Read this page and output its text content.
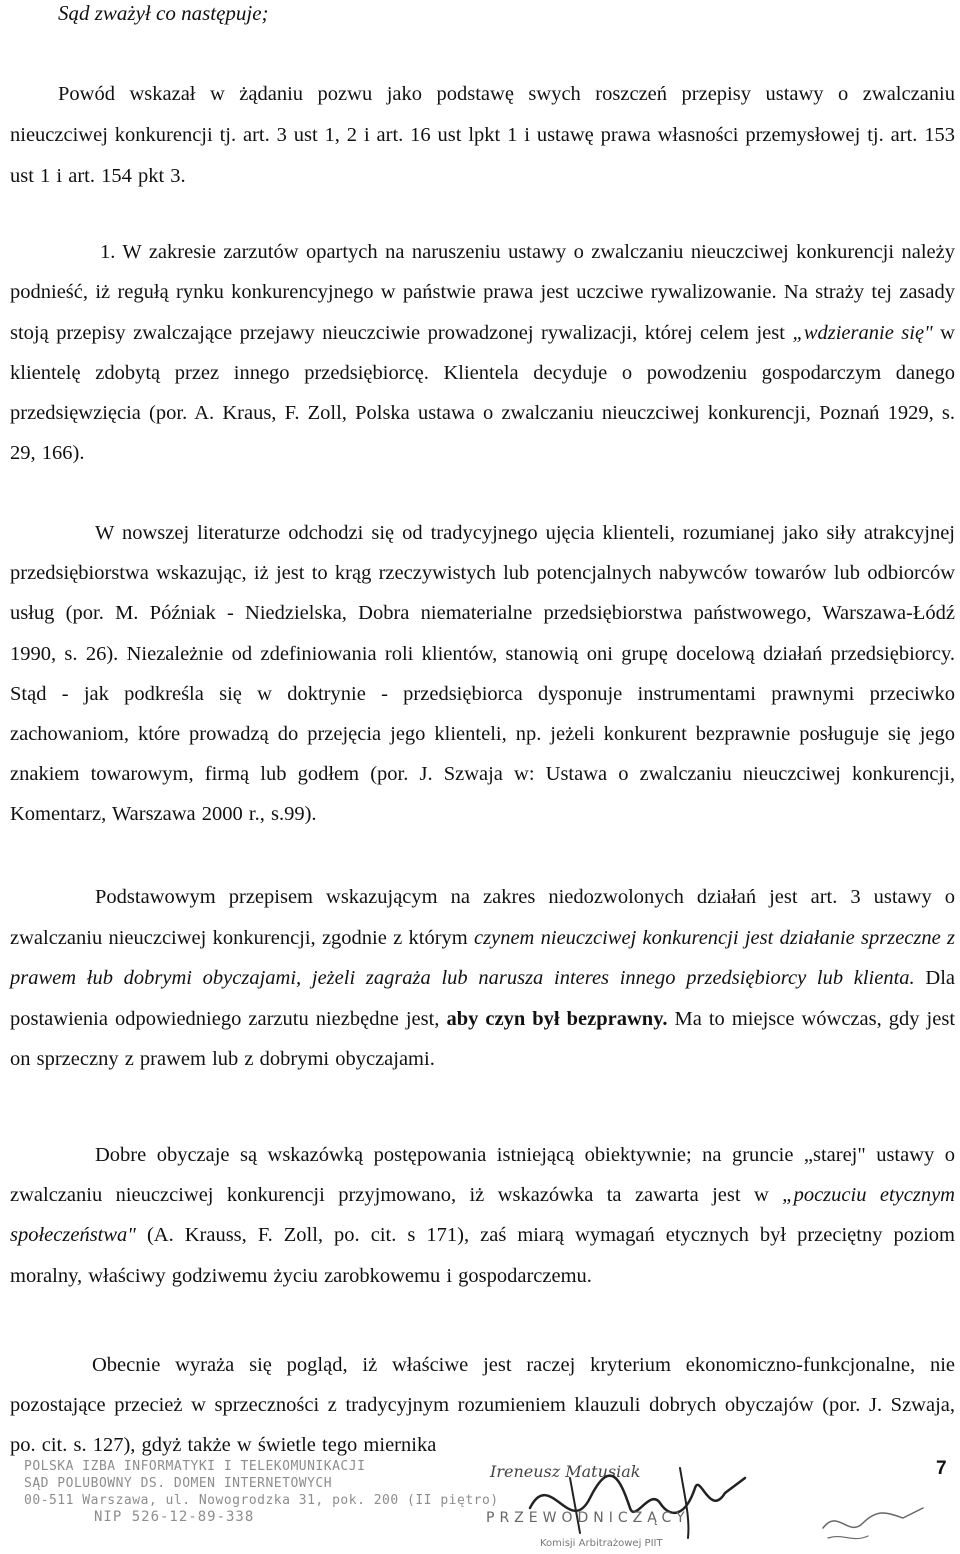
Sąd zważył co następuje;

Powód wskazał w żądaniu pozwu jako podstawę swych roszczeń przepisy ustawy o zwalczaniu nieuczciwej konkurencji tj. art. 3 ust 1, 2 i art. 16 ust lpkt 1 i ustawę prawa własności przemysłowej tj. art. 153 ust 1 i art. 154 pkt 3.

1. W zakresie zarzutów opartych na naruszeniu ustawy o zwalczaniu nieuczciwej konkurencji należy podnieść, iż regułą rynku konkurencyjnego w państwie prawa jest uczciwe rywalizowanie. Na straży tej zasady stoją przepisy zwalczające przejawy nieuczciwie prowadzonej rywalizacji, której celem jest „wdzieranie się" w klientelę zdobytą przez innego przedsiębiorcę. Klientela decyduje o powodzeniu gospodarczym danego przedsięwzięcia (por. A. Kraus, F. Zoll, Polska ustawa o zwalczaniu nieuczciwej konkurencji, Poznań 1929, s. 29, 166).

W nowszej literaturze odchodzi się od tradycyjnego ujęcia klienteli, rozumianej jako siły atrakcyjnej przedsiębiorstwa wskazując, iż jest to krąg rzeczywistych lub potencjalnych nabywców towarów lub odbiorców usług (por. M. Późniak - Niedzielska, Dobra niematerialne przedsiębiorstwa państwowego, Warszawa-Łódź 1990, s. 26). Niezależnie od zdefiniowania roli klientów, stanowią oni grupę docelową działań przedsiębiorcy. Stąd - jak podkreśla się w doktrynie - przedsiębiorca dysponuje instrumentami prawnymi przeciwko zachowaniom, które prowadzą do przejęcia jego klienteli, np. jeżeli konkurent bezprawnie posługuje się jego znakiem towarowym, firmą lub godłem (por. J. Szwaja w: Ustawa o zwalczaniu nieuczciwej konkurencji, Komentarz, Warszawa 2000 r., s.99).

Podstawowym przepisem wskazującym na zakres niedozwolonych działań jest art. 3 ustawy o zwalczaniu nieuczciwej konkurencji, zgodnie z którym czynem nieuczciwej konkurencji jest działanie sprzeczne z prawem łub dobrymi obyczajami, jeżeli zagraża lub narusza interes innego przedsiębiorcy lub klienta. Dla postawienia odpowiedniego zarzutu niezbędne jest, aby czyn był bezprawny. Ma to miejsce wówczas, gdy jest on sprzeczny z prawem lub z dobrymi obyczajami.

Dobre obyczaje są wskazówką postępowania istniejącą obiektywnie; na gruncie „starej" ustawy o zwalczaniu nieuczciwej konkurencji przyjmowano, iż wskazówka ta zawarta jest w „poczuciu etycznym społeczeństwa" (A. Krauss, F. Zoll, po. cit. s 171), zaś miarą wymagań etycznych był przeciętny poziom moralny, właściwy godziwemu życiu zarobkowemu i gospodarczemu.

Obecnie wyraża się pogląd, iż właściwe jest raczej kryterium ekonomiczno-funkcjonalne, nie pozostające przecież w sprzeczności z tradycyjnym rozumieniem klauzuli dobrych obyczajów (por. J. Szwaja, po. cit. s. 127), gdyż także w świetle tego miernika

POLSKA IZBA INFORMATYKI I TELEKOMUNIKACJI
SĄD POLUBOWNY DS. DOMEN INTERNETOWYCH
00-511 Warszawa, ul. Nowogrodzka 31, pok. 200 (II piętro)
NIP 526-12-89-338
Ireneusz Matusiak
PRZEWODNICZĄCY
Komisji Arbitrażowej PIIT
7
